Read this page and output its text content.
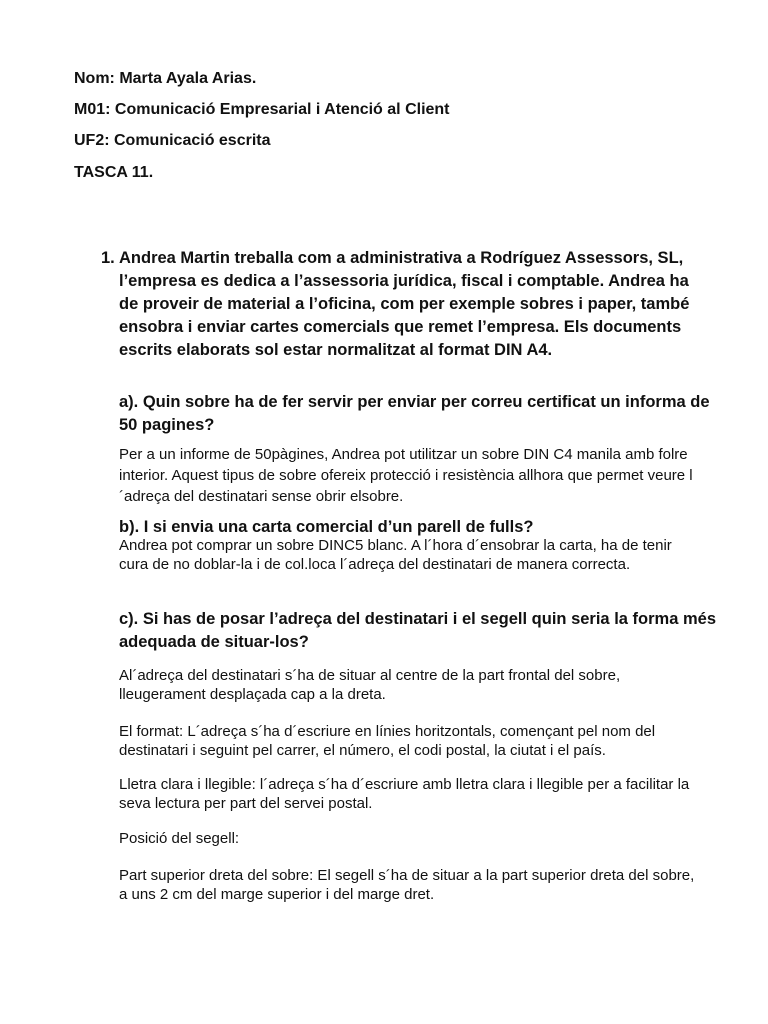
Nom: Marta Ayala Arias.

M01: Comunicació Empresarial i Atenció al Client

UF2: Comunicació escrita

TASCA 11.

1. Andrea Martin treballa com a administrativa a Rodríguez Assessors, SL, l’empresa es dedica a l’assessoria jurídica, fiscal i comptable. Andrea ha de proveir de material a l’oficina, com per exemple sobres i paper, també ensobra i enviar cartes comercials que remet l’empresa. Els documents escrits elaborats sol estar normalitzat al format DIN A4.

a). Quin sobre ha de fer servir per enviar per correu certificat un informa de 50 pagines?

Per a un informe de 50pàgines, Andrea pot utilitzar un sobre DIN C4 manila amb folre interior. Aquest tipus de sobre ofereix protecció i resistència allhora que permet veure l´adreça del destinatari sense obrir elsobre.

b). I si envia una carta comercial d’un parell de fulls?

Andrea pot comprar un sobre DINC5 blanc. A l´hora d´ensobrar la carta, ha de tenir cura de no doblar-la i de col.loca l´adreça del destinatari de manera correcta.

c). Si has de posar l’adreça del destinatari i el segell quin seria la forma més adequada de situar-los?

Al´adreça del destinatari s´ha de situar al centre de la part frontal del sobre, lleugerament desplaçada cap a la dreta.

El format: L´adreça s´ha d´escriure en línies horitzontals, començant pel nom del destinatari i seguint pel carrer, el número, el codi postal, la ciutat i el país.

Lletra clara i llegible: l´adreça s´ha d´escriure amb lletra clara i llegible per a facilitar la seva lectura per part del servei postal.

Posició del segell:

Part superior dreta del sobre: El segell s´ha de situar a la part superior dreta del sobre, a uns 2 cm del marge superior i del marge dret.
